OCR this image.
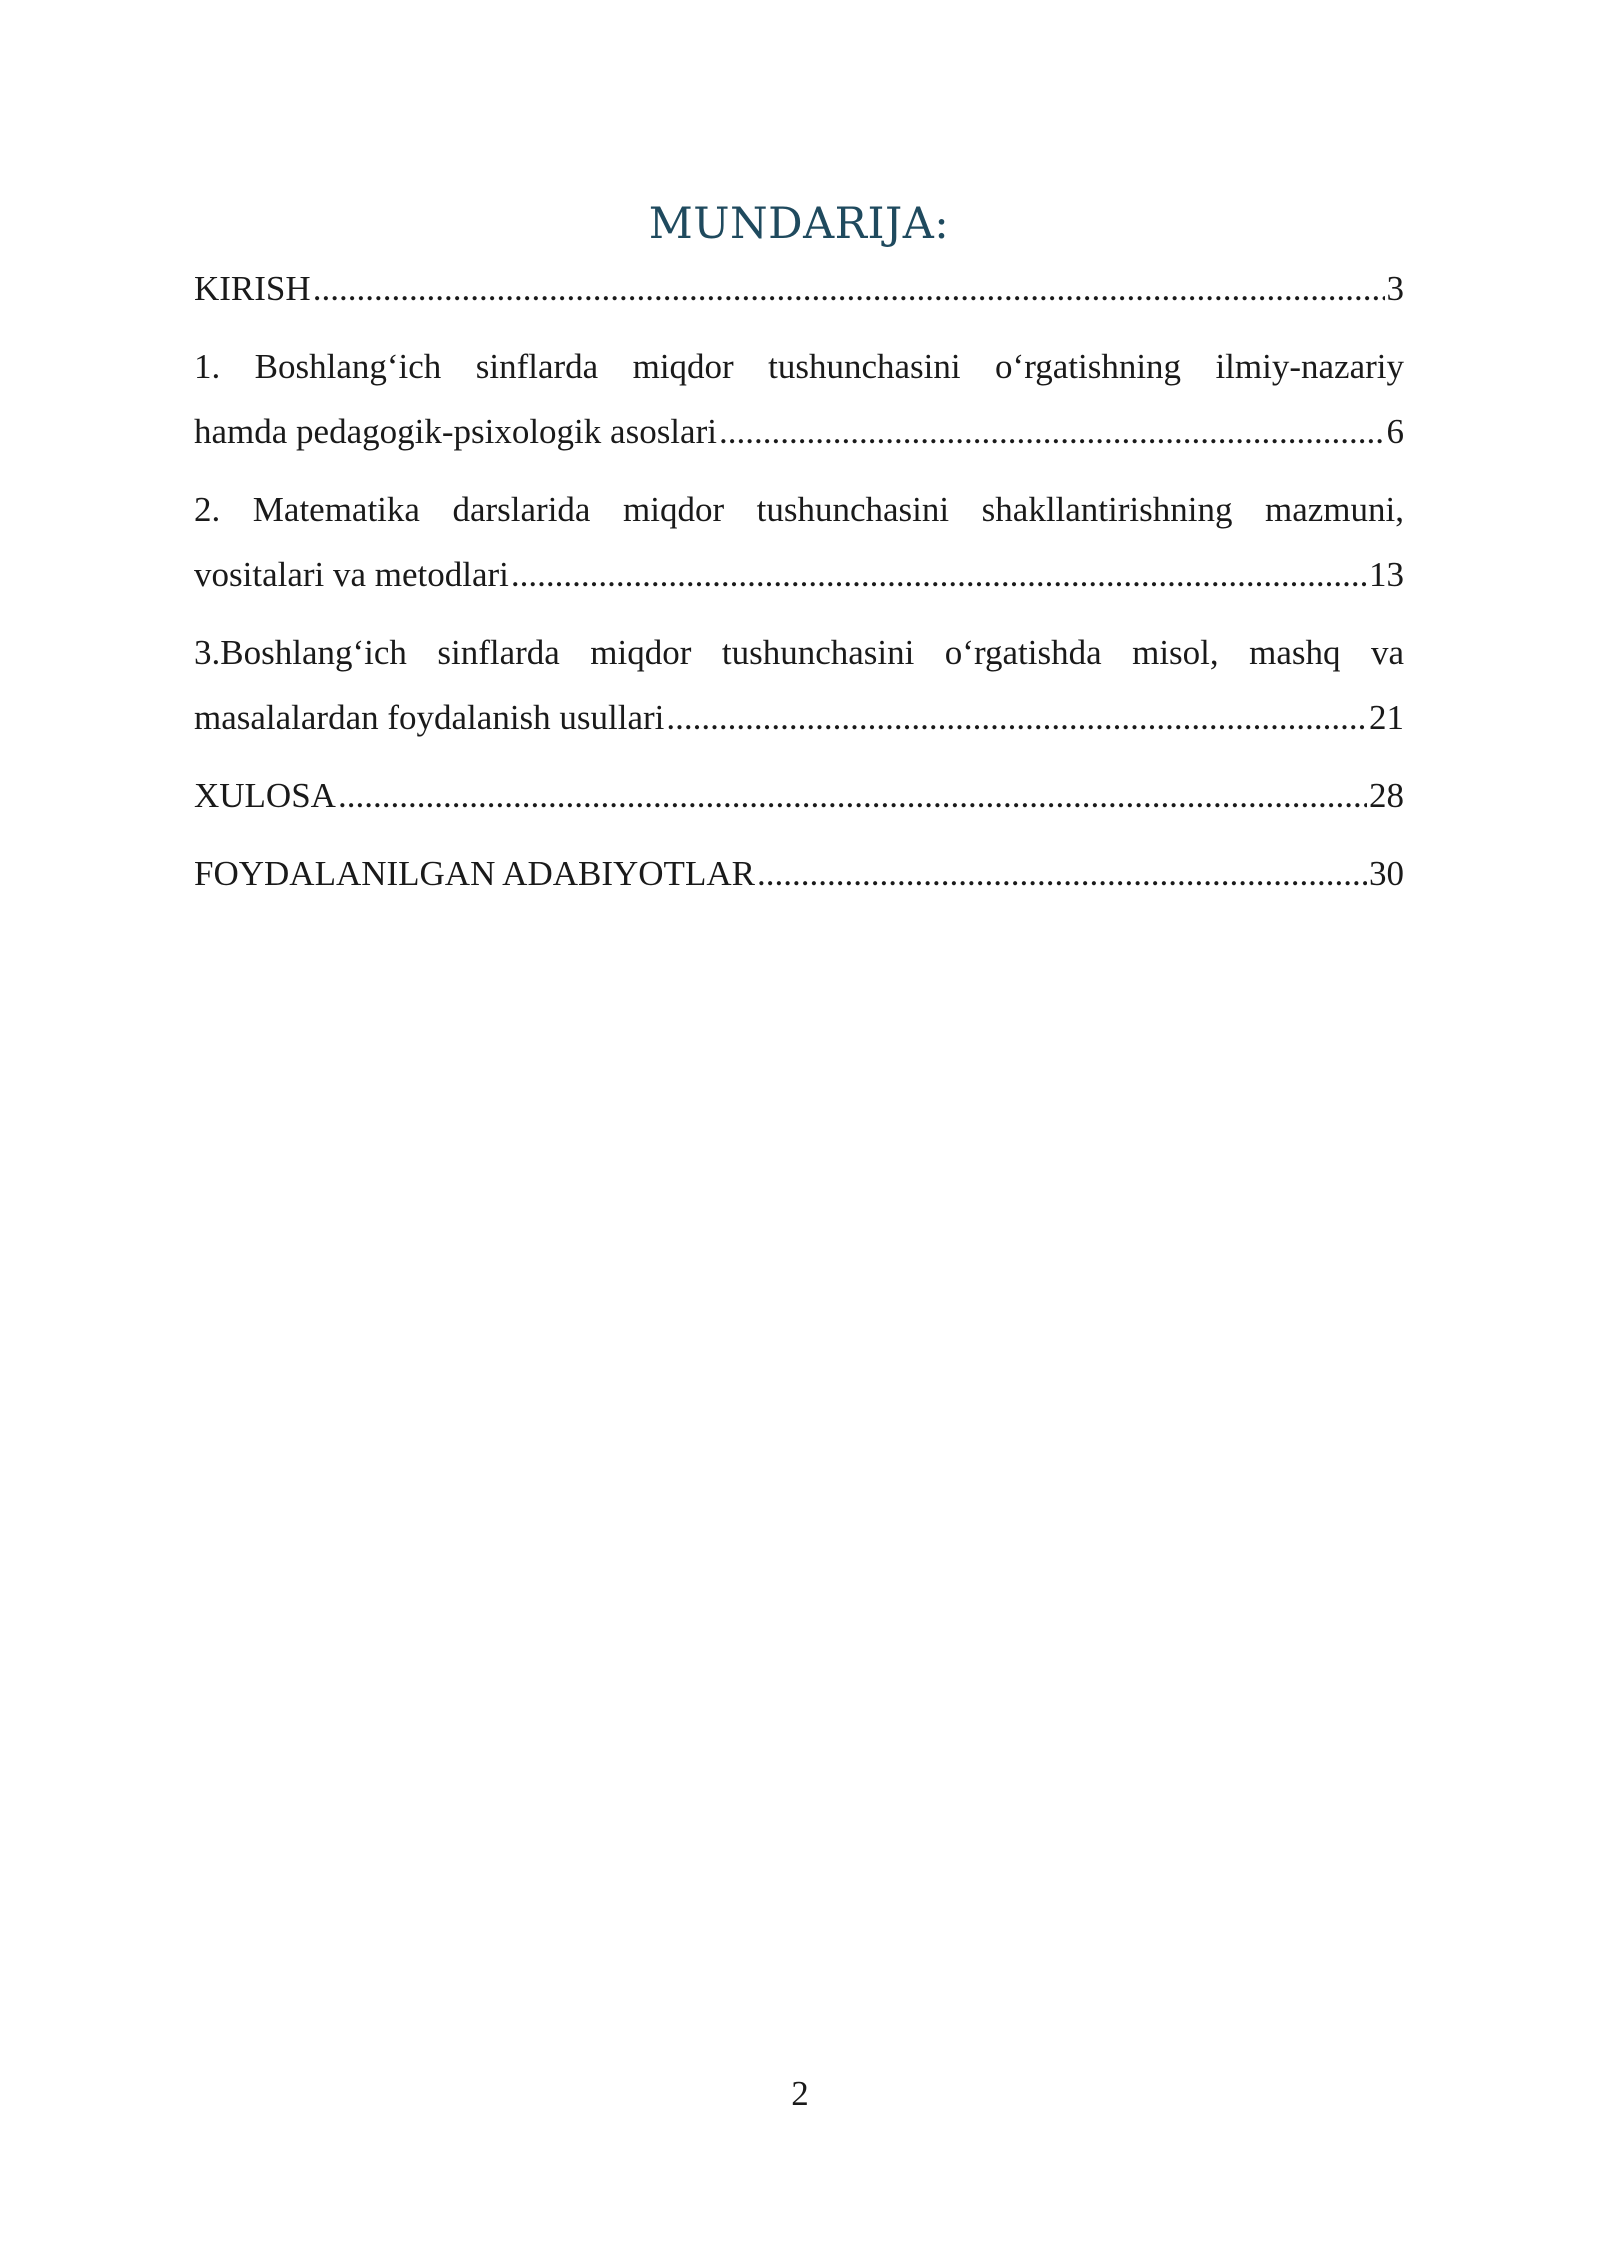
MUNDARIJA:
KIRISH .....	3
1. Boshlang‘ich sinflarda miqdor tushunchasini o‘rgatishning ilmiy-nazariy
hamda pedagogik-psixologik asoslari .....	6
2. Matematika darslarida miqdor tushunchasini shakllantirishning mazmuni,
vositalari va metodlari .....	13
3.Boshlang‘ich sinflarda miqdor tushunchasini o‘rgatishda misol, mashq va
masalalardan foydalanish usullari .....	21
XULOSA .....	28
FOYDALANILGAN ADABIYOTLAR .....	30
2
